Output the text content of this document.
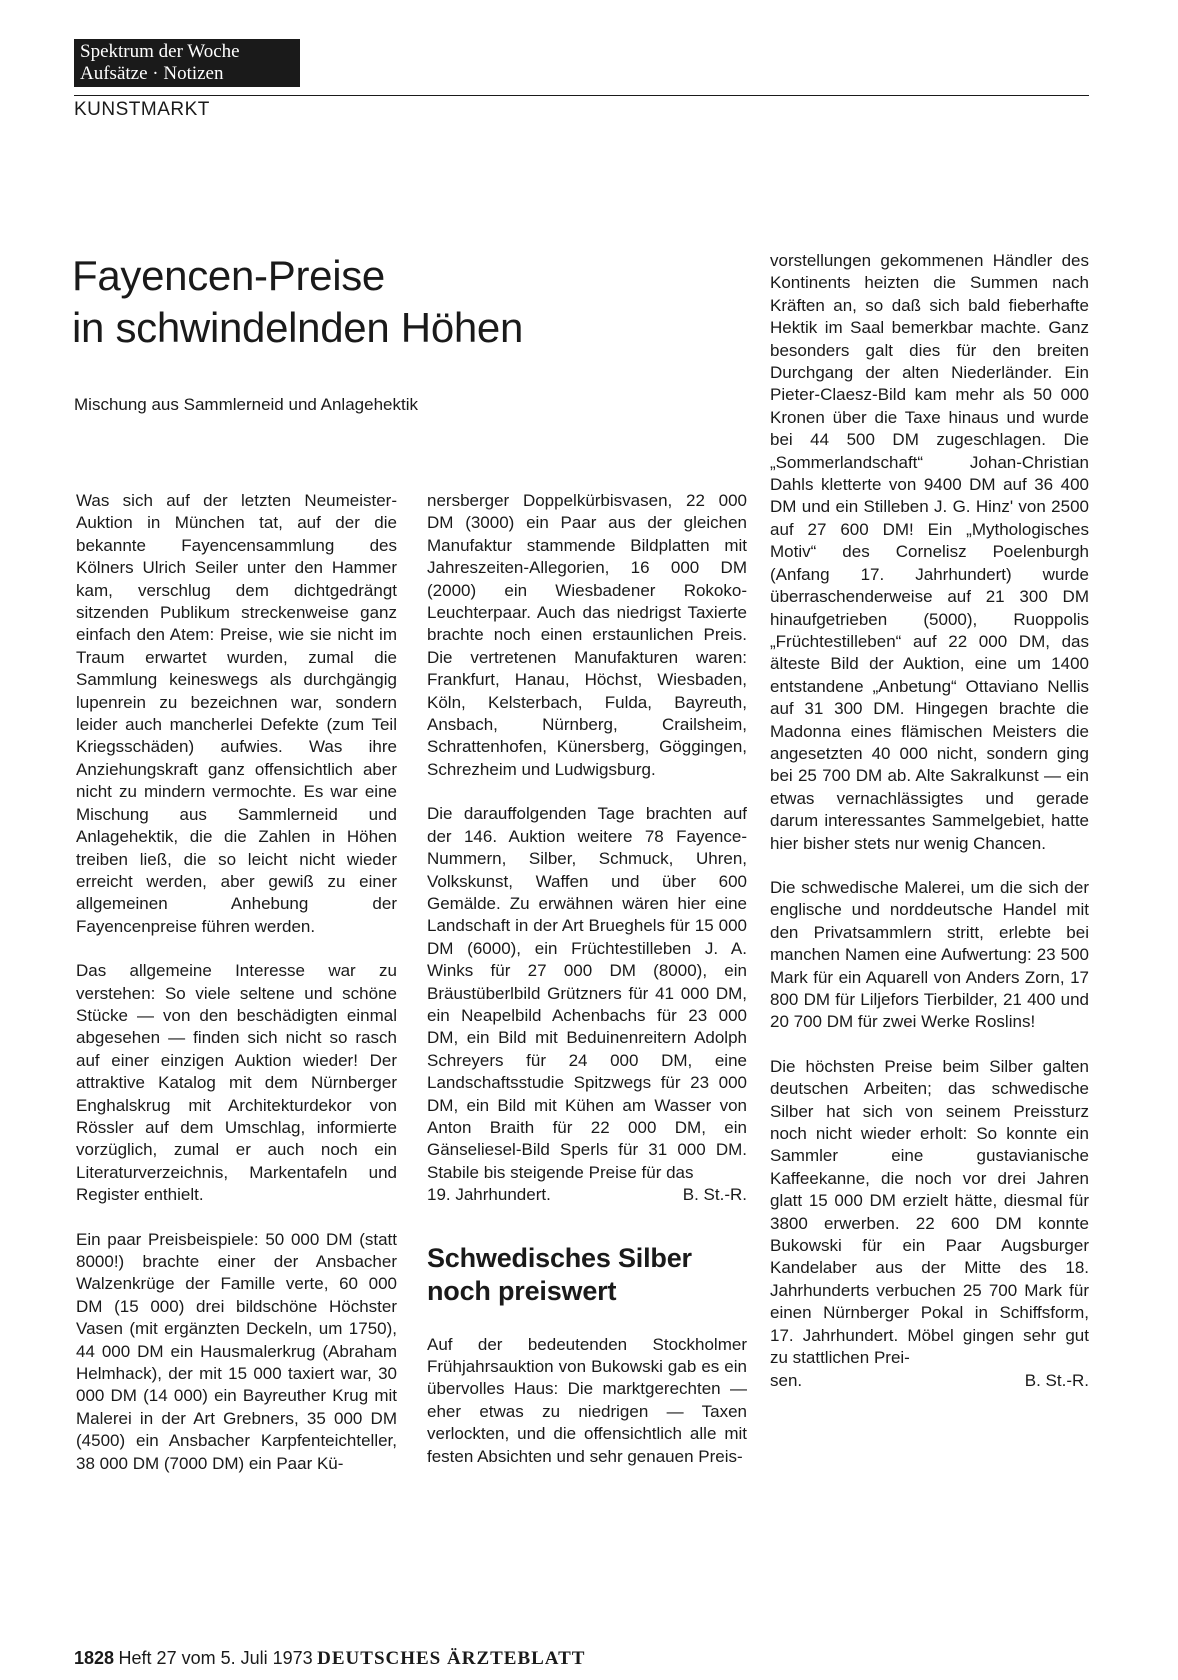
Spektrum der Woche
Aufsätze · Notizen
KUNSTMARKT
Fayencen-Preise
in schwindelnden Höhen
Mischung aus Sammlerneid und Anlagehektik

Was sich auf der letzten Neumeister-Auktion in München tat, auf der die bekannte Fayencensammlung des Kölners Ulrich Seiler unter den Hammer kam, verschlug dem dichtgedrängt sitzenden Publikum streckenweise ganz einfach den Atem: Preise, wie sie nicht im Traum erwartet wurden, zumal die Sammlung keineswegs als durchgängig lupenrein zu bezeichnen war, sondern leider auch mancherlei Defekte (zum Teil Kriegsschäden) aufwies. Was ihre Anziehungskraft ganz offensichtlich aber nicht zu mindern vermochte. Es war eine Mischung aus Sammlerneid und Anlagehektik, die die Zahlen in Höhen treiben ließ, die so leicht nicht wieder erreicht werden, aber gewiß zu einer allgemeinen Anhebung der Fayencenpreise führen werden.

Das allgemeine Interesse war zu verstehen: So viele seltene und schöne Stücke — von den beschädigten einmal abgesehen — finden sich nicht so rasch auf einer einzigen Auktion wieder! Der attraktive Katalog mit dem Nürnberger Enghalskrug mit Architekturdekor von Rössler auf dem Umschlag, informierte vorzüglich, zumal er auch noch ein Literaturverzeichnis, Markentafeln und Register enthielt.

Ein paar Preisbeispiele: 50 000 DM (statt 8000!) brachte einer der Ansbacher Walzenkrüge der Famille verte, 60 000 DM (15 000) drei bildschöne Höchster Vasen (mit ergänzten Deckeln, um 1750), 44 000 DM ein Hausmalerkrug (Abraham Helmhack), der mit 15 000 taxiert war, 30 000 DM (14 000) ein Bayreuther Krug mit Malerei in der Art Grebners, 35 000 DM (4500) ein Ansbacher Karpfenteichteller, 38 000 DM (7000 DM) ein Paar Kü-

nersberger Doppelkürbisvasen, 22 000 DM (3000) ein Paar aus der gleichen Manufaktur stammende Bildplatten mit Jahreszeiten-Allegorien, 16 000 DM (2000) ein Wiesbadener Rokoko-Leuchterpaar. Auch das niedrigst Taxierte brachte noch einen erstaunlichen Preis. Die vertretenen Manufakturen waren: Frankfurt, Hanau, Höchst, Wiesbaden, Köln, Kelsterbach, Fulda, Bayreuth, Ansbach, Nürnberg, Crailsheim, Schrattenhofen, Künersberg, Göggingen, Schrezheim und Ludwigsburg.

Die darauffolgenden Tage brachten auf der 146. Auktion weitere 78 Fayence-Nummern, Silber, Schmuck, Uhren, Volkskunst, Waffen und über 600 Gemälde. Zu erwähnen wären hier eine Landschaft in der Art Brueghels für 15 000 DM (6000), ein Früchtestilleben J. A. Winks für 27 000 DM (8000), ein Bräustüberlbild Grützners für 41 000 DM, ein Neapelbild Achenbachs für 23 000 DM, ein Bild mit Beduinenreitern Adolph Schreyers für 24 000 DM, eine Landschaftsstudie Spitzwegs für 23 000 DM, ein Bild mit Kühen am Wasser von Anton Braith für 22 000 DM, ein Gänseliesel-Bild Sperls für 31 000 DM. Stabile bis steigende Preise für das

19. Jahrhundert.	B. St.-R.
Schwedisches Silber
noch preiswert

Auf der bedeutenden Stockholmer Frühjahrsauktion von Bukowski gab es ein übervolles Haus: Die marktgerechten — eher etwas zu niedrigen — Taxen verlockten, und die offensichtlich alle mit festen Absichten und sehr genauen Preis-

vorstellungen gekommenen Händler des Kontinents heizten die Summen nach Kräften an, so daß sich bald fieberhafte Hektik im Saal bemerkbar machte. Ganz besonders galt dies für den breiten Durchgang der alten Niederländer. Ein Pieter-Claesz-Bild kam mehr als 50 000 Kronen über die Taxe hinaus und wurde bei 44 500 DM zugeschlagen. Die „Sommerlandschaft“ Johan-Christian Dahls kletterte von 9400 DM auf 36 400 DM und ein Stilleben J. G. Hinz' von 2500 auf 27 600 DM! Ein „Mythologisches Motiv“ des Cornelisz Poelenburgh (Anfang 17. Jahrhundert) wurde überraschenderweise auf 21 300 DM hinaufgetrieben (5000), Ruoppolis „Früchtestilleben“ auf 22 000 DM, das älteste Bild der Auktion, eine um 1400 entstandene „Anbetung“ Ottaviano Nellis auf 31 300 DM. Hingegen brachte die Madonna eines flämischen Meisters die angesetzten 40 000 nicht, sondern ging bei 25 700 DM ab. Alte Sakralkunst — ein etwas vernachlässigtes und gerade darum interessantes Sammelgebiet, hatte hier bisher stets nur wenig Chancen.

Die schwedische Malerei, um die sich der englische und norddeutsche Handel mit den Privatsammlern stritt, erlebte bei manchen Namen eine Aufwertung: 23 500 Mark für ein Aquarell von Anders Zorn, 17 800 DM für Liljefors Tierbilder, 21 400 und 20 700 DM für zwei Werke Roslins!

Die höchsten Preise beim Silber galten deutschen Arbeiten; das schwedische Silber hat sich von seinem Preissturz noch nicht wieder erholt: So konnte ein Sammler eine gustavianische Kaffeekanne, die noch vor drei Jahren glatt 15 000 DM erzielt hätte, diesmal für 3800 erwerben. 22 600 DM konnte Bukowski für ein Paar Augsburger Kandelaber aus der Mitte des 18. Jahrhunderts verbuchen 25 700 Mark für einen Nürnberger Pokal in Schiffsform, 17. Jahrhundert. Möbel gingen sehr gut zu stattlichen Prei-

sen.	B. St.-R.
1828 Heft 27 vom 5. Juli 1973 DEUTSCHES ÄRZTEBLATT
